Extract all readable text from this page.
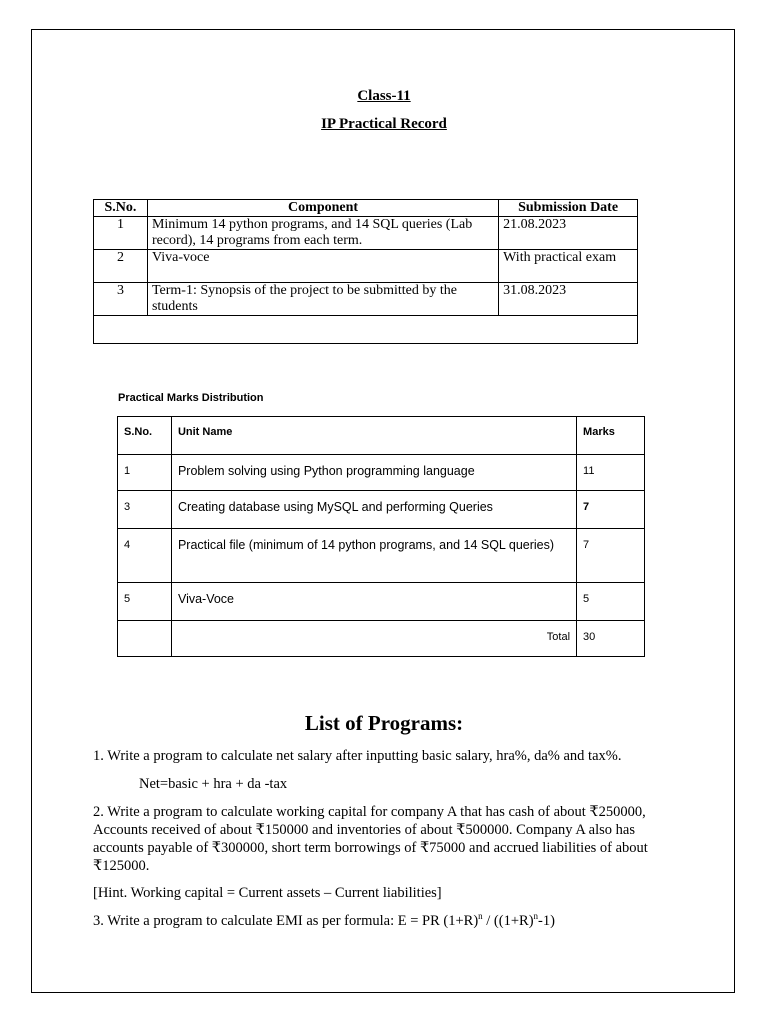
Class-11
IP Practical Record
S.No.	Component	Submission Date
1	Minimum 14 python programs, and 14 SQL queries (Lab record), 14 programs from each term.	21.08.2023
2	Viva-voce	With practical exam
3	Term-1: Synopsis of the project to be submitted by the students	31.08.2023

Practical Marks Distribution
S.No.	Unit Name	Marks
1	Problem solving using Python programming language	11
3	Creating database using MySQL and performing Queries	7
4	Practical file (minimum of 14 python programs, and 14 SQL queries)	7
5	Viva-Voce	5
	Total	30
List of Programs:
1. Write a program to calculate net salary after inputting basic salary, hra%, da% and tax%.
Net=basic + hra + da -tax
2. Write a program to calculate working capital for company A that has cash of about ₹250000, Accounts received of about ₹150000 and inventories of about ₹500000. Company A also has accounts payable of ₹300000, short term borrowings of ₹75000 and accrued liabilities of about ₹125000.
[Hint. Working capital = Current assets – Current liabilities]
3. Write a program to calculate EMI as per formula: E = PR $(1+R)^n / ((1+R)^n-1)$
